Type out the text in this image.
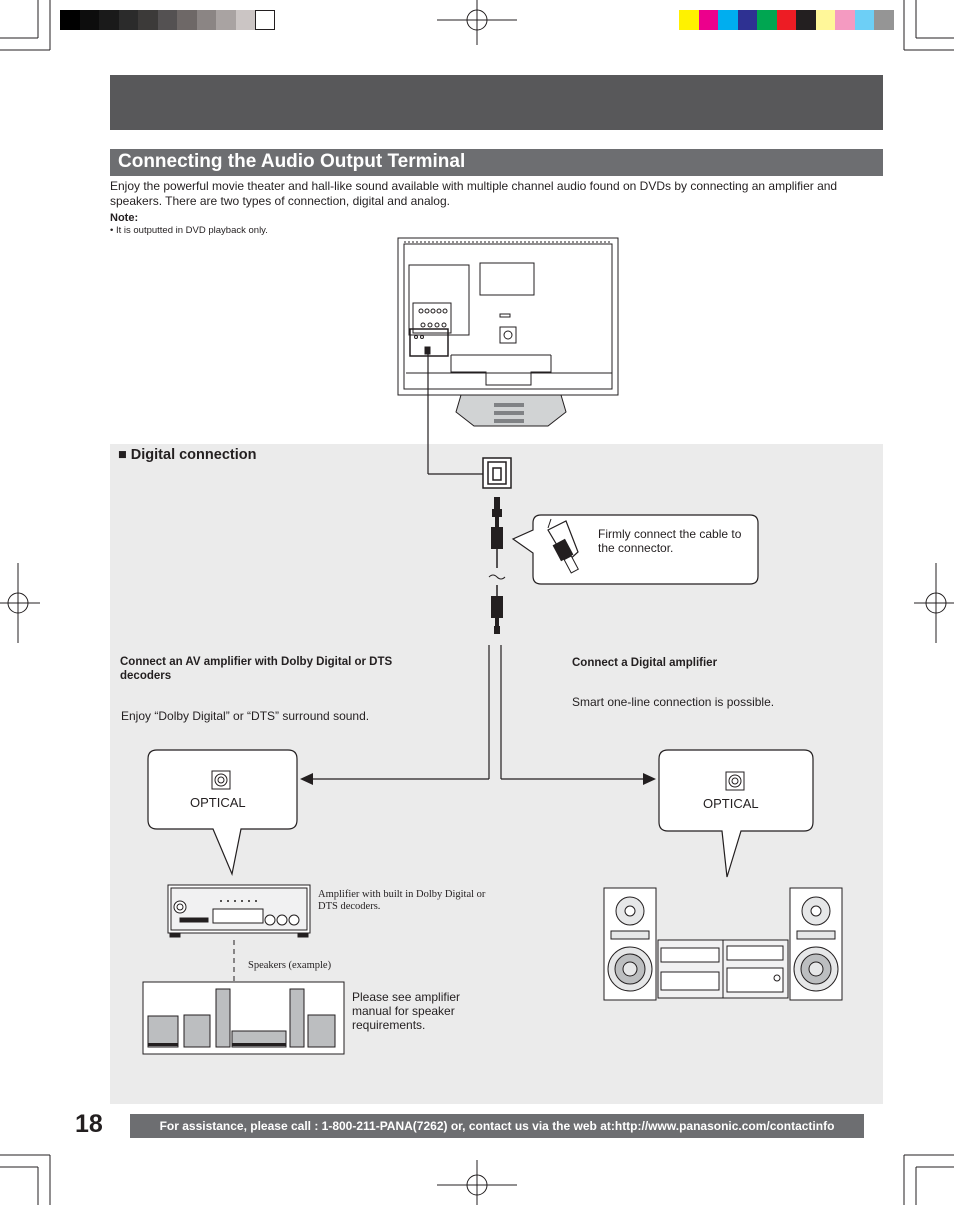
Connecting the Audio Output Terminal
Enjoy the powerful movie theater and hall-like sound available with multiple channel audio found on DVDs by connecting an amplifier and speakers. There are two types of connection, digital and analog.
Note:
• It is outputted in DVD playback only.
■ Digital connection
Firmly connect the cable to the connector.
Connect an AV amplifier with Dolby Digital or DTS decoders
Enjoy “Dolby Digital” or “DTS” surround sound.
Connect a Digital amplifier
Smart one-line connection is possible.
OPTICAL	OPTICAL
Amplifier with built in Dolby Digital or DTS decoders.
Speakers (example)
Please see amplifier manual for speaker requirements.
18	For assistance, please call : 1-800-211-PANA(7262) or, contact us via the web at:http://www.panasonic.com/contactinfo
